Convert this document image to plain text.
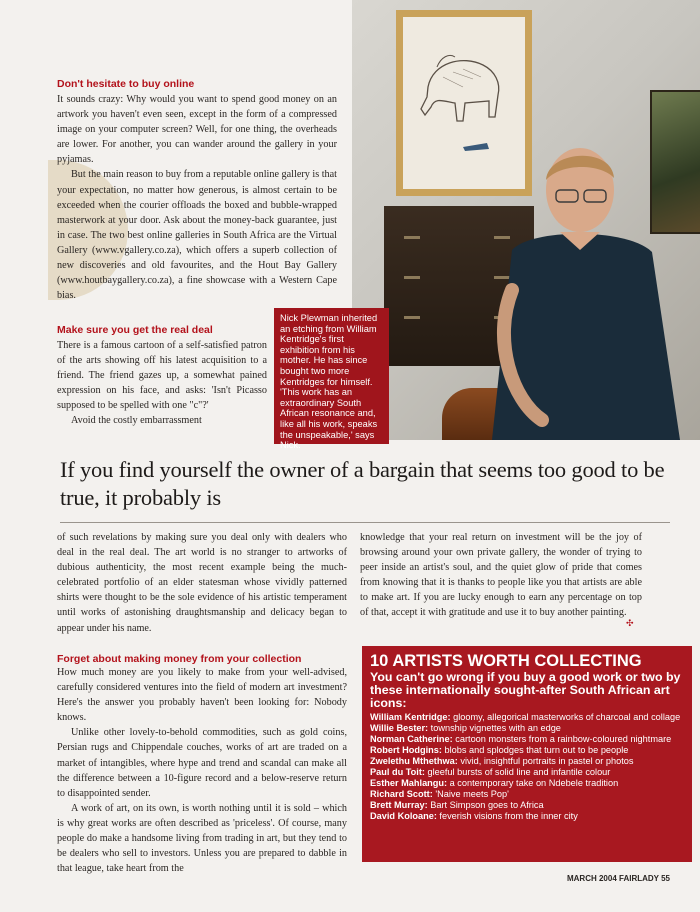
Don't hesitate to buy online

It sounds crazy: Why would you want to spend good money on an artwork you haven't even seen, except in the form of a compressed image on your computer screen? Well, for one thing, the overheads are lower. For another, you can wander around the gallery in your pyjamas.

But the main reason to buy from a reputable online gallery is that your expectation, no matter how generous, is almost certain to be exceeded when the courier offloads the boxed and bubble-wrapped masterwork at your door. Ask about the money-back guarantee, just in case. The two best online galleries in South Africa are the Virtual Gallery (www.vgallery.co.za), which offers a superb collection of new discoveries and old favourites, and the Hout Bay Gallery (www.houtbaygallery.co.za), a fine showcase with a Western Cape bias.

Make sure you get the real deal

There is a famous cartoon of a self-satisfied patron of the arts showing off his latest acquisition to a friend. The friend gazes up, a somewhat pained expression on his face, and asks: 'Isn't Picasso supposed to be spelled with one "c"?'

Avoid the costly embarrassment

Nick Plewman inherited an etching from William Kentridge's first exhibition from his mother. He has since bought two more Kentridges for himself. 'This work has an extraordinary South African resonance and, like all his work, speaks the unspeakable,' says Nick.
If you find yourself the owner of a bargain that seems too good to be true, it probably is

of such revelations by making sure you deal only with dealers who deal in the real deal. The art world is no stranger to artworks of dubious authenticity, the most recent example being the much-celebrated portfolio of an elder statesman whose vividly patterned shirts were thought to be the sole evidence of his artistic temperament until works of astonishing draughtsmanship and delicacy began to appear under his name.

knowledge that your real return on investment will be the joy of browsing around your own private gallery, the wonder of trying to peer inside an artist's soul, and the quiet glow of pride that comes from knowing that it is thanks to people like you that artists are able to make art. If you are lucky enough to earn any percentage on top of that, accept it with gratitude and use it to buy another painting.

✣
Forget about making money from your collection

How much money are you likely to make from your well-advised, carefully considered ventures into the field of modern art investment? Here's the answer you probably haven't been looking for: Nobody knows.

Unlike other lovely-to-behold commodities, such as gold coins, Persian rugs and Chippendale couches, works of art are traded on a market of intangibles, where hype and trend and scandal can make all the difference between a 10-figure record and a below-reserve return to disappointed sender.

A work of art, on its own, is worth nothing until it is sold – which is why great works are often described as 'priceless'. Of course, many people do make a handsome living from trading in art, but they tend to be dealers who sell to investors. Unless you are prepared to dabble in that league, take heart from the

10 ARTISTS WORTH COLLECTING
You can't go wrong if you buy a good work or two by these internationally sought-after South African art icons:
William Kentridge: gloomy, allegorical masterworks of charcoal and collage
Willie Bester: township vignettes with an edge
Norman Catherine: cartoon monsters from a rainbow-coloured nightmare
Robert Hodgins: blobs and splodges that turn out to be people
Zwelethu Mthethwa: vivid, insightful portraits in pastel or photos
Paul du Toit: gleeful bursts of solid line and infantile colour
Esther Mahlangu: a contemporary take on Ndebele tradition
Richard Scott: 'Naive meets Pop'
Brett Murray: Bart Simpson goes to Africa
David Koloane: feverish visions from the inner city
MARCH 2004 FAIRLADY 55
